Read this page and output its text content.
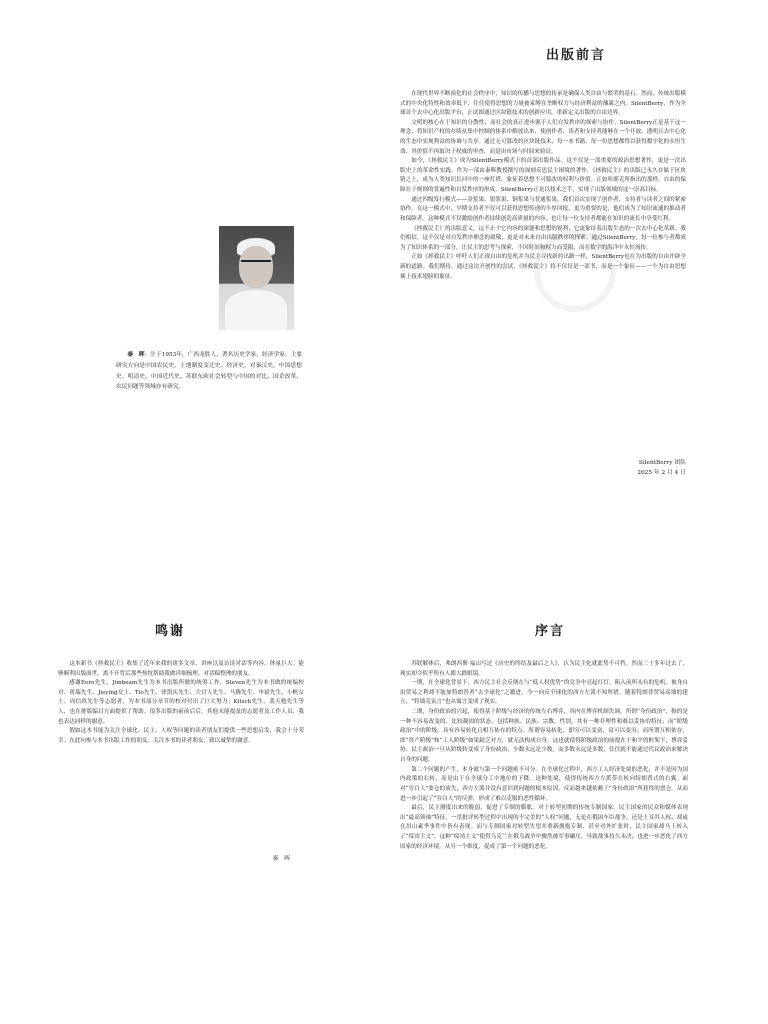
秦　晖：生于1953年，广西龙胜人，著名历史学家、经济学家。主要研究方向是中国农民史、土地制度变迁史、经济史，对秦汉史、中国思想史、明清史、中国近代史、苏联东欧社会转型与中国的对比、国企改革、农民问题等领域亦有研究。
出版前言

在现代世界不断演化的社会秩序中，知识的传播与思想的传承是确保人类自由与繁荣的基石。然而，传统出版模式的中央化特性和效率低下，往往使得思想的力量被束缚在垄断权力与经济利益的藩篱之内。SilentBerry，作为全球首个去中心化出版平台，正试图通过区块链技术的创新应用，重新定义出版的自由边界。

文明的核心在于知识的分散性，而社会的真正进步源于人们自发秩序的探索与协作。SilentBerry正是基于这一理念，将知识产权的存续从集中控制的体系中解放出来，使创作者、读者和支持者能够在一个开放、透明且去中心化的生态中实现利益的协调与共享。通过无可篡改的区块链技术，每一本书籍、每一份思想都得以获得数字化的永恒生命，其价值不再取决于权威的审查，而是由市场与时间来验证。

如今，《拯救民主》成为SilentBerry模式下的首部出版作品。这不仅是一部重要的政治思想著作，更是一次出版史上的革命性实践。作为一部由秦晖教授撰写的深刻反思民主困境的著作，《拯救民主》的出版已永久存储于区块链之上，成为人类知识长河中的一座灯塔，象征着思想不可篡改的权利与价值。正如哈耶克所指出的那样，自由的保障在于规则的普遍性和自发秩序的形成，SilentBerry正是以技术之手，实现了出版领域的这一崇高目标。

通过四级发行模式——金浆果、银浆果、铜浆果与普通浆果，我们首次实现了创作者、支持者与读者之间的紧密协作。在这一模式中，早期支持者不仅可以获得思想传递的丰厚回报，更为重要的是，他们成为了知识流通的推动者和保障者。这种模式不仅激励创作者持续创造高质量的内容，也让每一位支持者都能在知识的流长中享受红利。

《拯救民主》的出版意义，远不止于它内容的深邃和思想的锐利；它更象征着出版生态的一次去中心化革新。我们相信，这不仅是对自发秩序理念的致敬，更是对未来自由出版秩序的探索。通过SilentBerry，每一位参与者都成为了知识体系的一部分，让民主的思考与探索，不因时间和权力而受限，而在数字的海洋中永恒流传。

正如《拯救民主》呼吁人们正视自由的危机并为民主寻找新的出路一样，SilentBerry也在为出版的自由开辟全新的道路。我们期待，通过这次开创性的尝试，《拯救民主》将不仅仅是一部书，而是一个象征——一个为自由思想插上技术翅膀的象征。

SilentBerry 团队
2025 年 2 月 4 日
鸣谢

这本新书《拯救民主》收集了近年来我的诸多文章、讲座以及访谈对话等内容，体量巨大。能够顺利出版面世，离不开背后那些热忱帮助我做详细梳理、对话稿整理的朋友。

感谢Eero先生、Jimbeam先生为本书出版所做的统筹工作，Steven先生为本书做的统编校对、蒋瑞先生、Jieying女士、Tio先生、徐凯庆先生、大宫人先生、马腾先生、申斌先生、小帆女士、周信玖先生等志愿者，为本书部分章节的校对付出了巨大努力；Kitsch先生、裴天勉先生等人，也在排版编目方面提供了帮助。很多出版的前前后后，其他未能提及的志愿者及工作人员，我也表达同样的谢意。

假如这本书能为关注全球化、民主、人权等问题的读者朋友们提供一些思想启发，我会十分荣幸。在此向参与本书出版工作的朋友、关注本书的读者朋友，致以诚挚的谢意。

秦　晖
序言

苏联解体后，弗朗西斯·福山写过《历史的终结及最后之人》，认为民主化就此势不可挡。然而三十多年过去了，现实却令似乎所有人都大跌眼镜。

一期，在全球化背景下，西方民主社会反倒在与“低人权优势”的竞争中亮起红灯，陷入前所未有的危机。被身自由贸易之利却不能加特朗普者“去全球化”之激进，今一向反全球化的西方左派不知所措。随着特朗普贸易高墙的建立，“将墙竞寅言”也从寓言变成了现实。

二期，身份政治的兴起，使得基于阶级与经济的传统左右博弈，其内在博弈机制失调。所谓“身份政治”，指的是一种不容易改变的、比较凝固的状态，包括种族、民族、宗教、性别，其有一种非理性和难以妥协的特征；而“阶级政治”中的阶级，具有容易转化且相互依存的特点。所谓容易转化，即穷可以变富，富可以变穷；而所谓互相依存，即“资产阶级”和“工人阶级”如果缺乏对方，就无法构成自身。这也就使得阶级政治的前提在于和平的框架下，博弈妥协。民主政治一旦从阶级转变成了身份政治，少数永远是少数，而多数永远是多数，往往就不能通过代议政治来解决自身的问题。

第二个问题的产生，本身就与第一个问题密不可分。在全球化过程中，西方工人经济处境的恶化，并不是因为国内政策的右转，而是由于在全球分工中地位的下降。这种处境，使得传统西方左派带在转向特朗普式的右翼。面对“穷白人”要仓的流失，西方左派并没有意识到问题的根本原因，反而越来越依赖于“身份政治”所获得的票仓，从而进一步引起了“穷白人”的反弹，形成了难以克服的恶性循环。

最后，民主测度出来的脆弱，促进了专制的膨胀。对于转型初期的传统专制国家，民主国家的民众和媒体表现出“最高领袖”特征，一贯批评转型过程中出现的不完美的“人权”问题，无论在俄国车臣战争，还是土耳其人权、却或在昂山素季事件中皆有表现。而与专制国家对转型失望并重新拥抱专制，甚至对外扩张时，民主国家却马上转入了“绥靖主义”。这种“绥靖主义”使得乌克兰在俄乌战争中骤然被军事碾压，导致战事持久未决，也进一步恶化了西方国家的经济环境。从另一个维度，促成了第一个问题的恶化。
